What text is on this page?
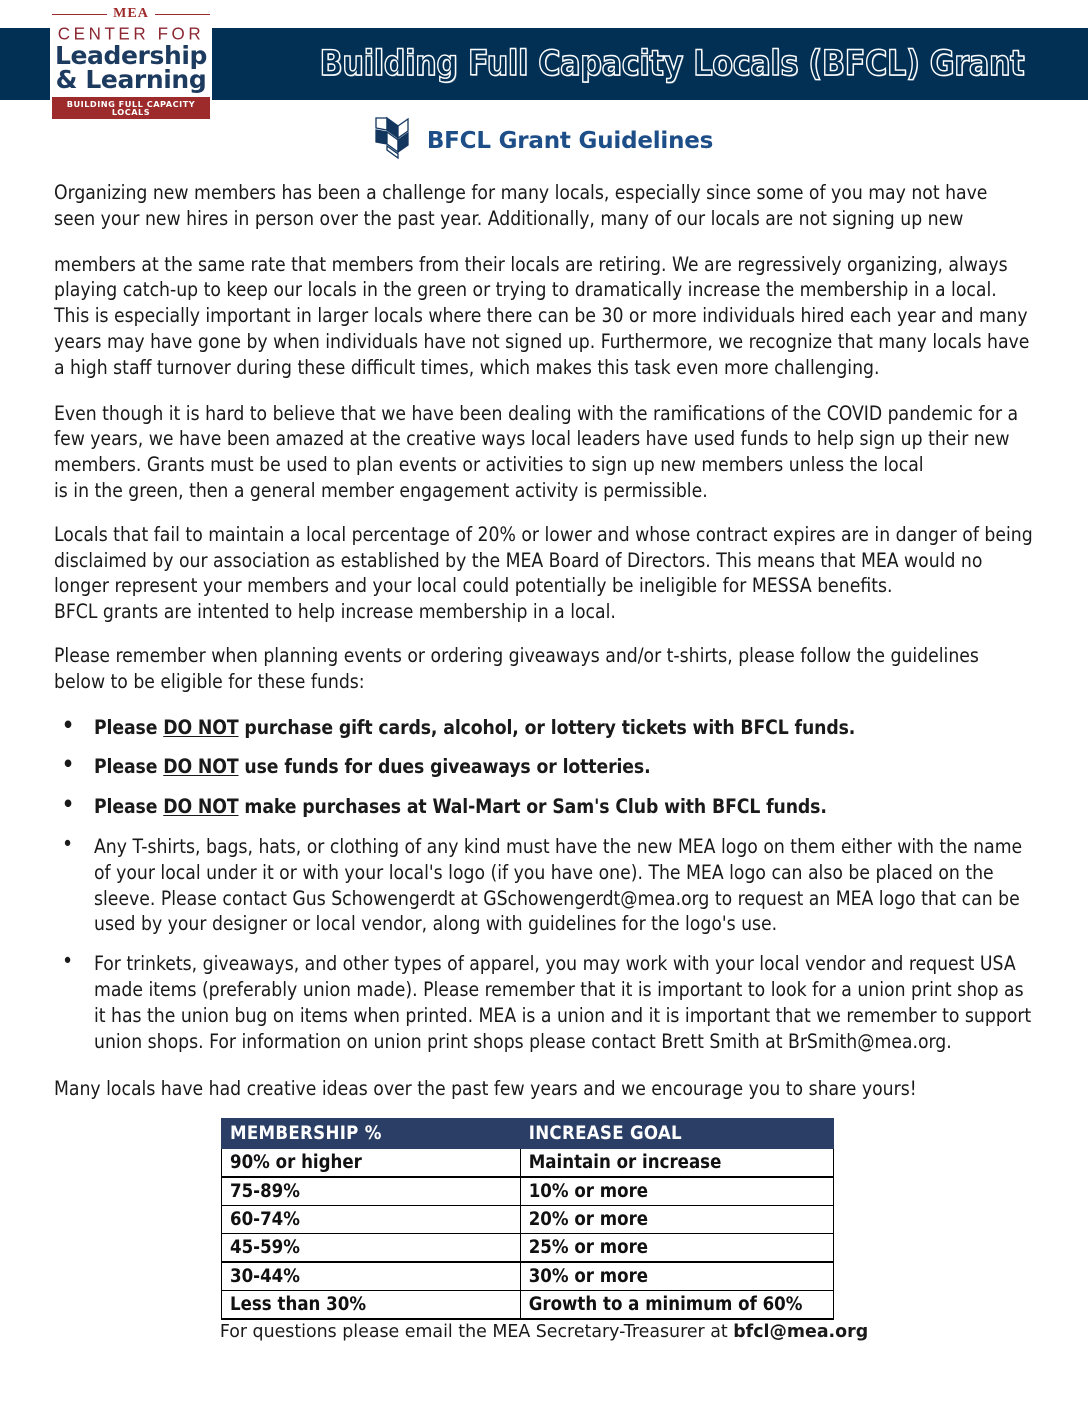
Building Full Capacity Locals (BFCL) Grant
MEA
CENTER FOR
Leadership
& Learning
BUILDING FULL CAPACITY LOCALS
BFCL Grant Guidelines

Organizing new members has been a challenge for many locals, especially since some of you may not have seen your new hires in person over the past year. Additionally, many of our locals are not signing up new

members at the same rate that members from their locals are retiring. We are regressively organizing, always playing catch-up to keep our locals in the green or trying to dramatically increase the membership in a local. This is especially important in larger locals where there can be 30 or more individuals hired each year and many years may have gone by when individuals have not signed up. Furthermore, we recognize that many locals have a high staff turnover during these difficult times, which makes this task even more challenging.

Even though it is hard to believe that we have been dealing with the ramifications of the COVID pandemic for a few years, we have been amazed at the creative ways local leaders have used funds to help sign up their new members. Grants must be used to plan events or activities to sign up new members unless the local
is in the green, then a general member engagement activity is permissible.

Locals that fail to maintain a local percentage of 20% or lower and whose contract expires are in danger of being disclaimed by our association as established by the MEA Board of Directors. This means that MEA would no longer represent your members and your local could potentially be ineligible for MESSA benefits.
BFCL grants are intented to help increase membership in a local.

Please remember when planning events or ordering giveaways and/or t-shirts, please follow the guidelines below to be eligible for these funds:

• Please DO NOT purchase gift cards, alcohol, or lottery tickets with BFCL funds.
• Please DO NOT use funds for dues giveaways or lotteries.
• Please DO NOT make purchases at Wal-Mart or Sam's Club with BFCL funds.
• Any T-shirts, bags, hats, or clothing of any kind must have the new MEA logo on them either with the name of your local under it or with your local's logo (if you have one). The MEA logo can also be placed on the sleeve. Please contact Gus Schowengerdt at GSchowengerdt@mea.org to request an MEA logo that can be used by your designer or local vendor, along with guidelines for the logo's use.
• For trinkets, giveaways, and other types of apparel, you may work with your local vendor and request USA made items (preferably union made). Please remember that it is important to look for a union print shop as it has the union bug on items when printed. MEA is a union and it is important that we remember to support union shops. For information on union print shops please contact Brett Smith at BrSmith@mea.org.

Many locals have had creative ideas over the past few years and we encourage you to share yours!

MEMBERSHIP %	INCREASE GOAL
90% or higher	Maintain or increase
75-89%	10% or more
60-74%	20% or more
45-59%	25% or more
30-44%	30% or more
Less than 30%	Growth to a minimum of 60%
For questions please email the MEA Secretary-Treasurer at bfcl@mea.org
